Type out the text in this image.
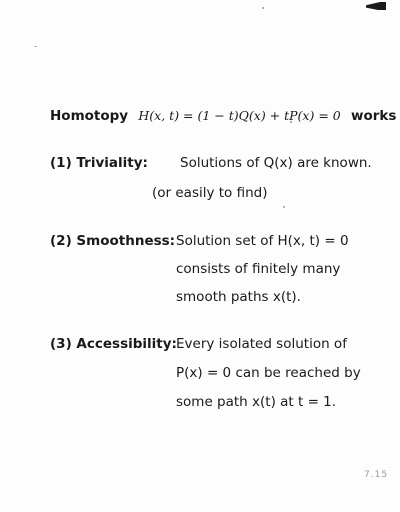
Homotopy H(x, t) = (1 − t)Q(x) + tP(x) = 0 works
(1) Triviality: Solutions of Q(x) are known.
(or easily to find)
(2) Smoothness: Solution set of H(x, t) = 0
consists of finitely many
smooth paths x(t).
(3) Accessibility: Every isolated solution of
P(x) = 0 can be reached by
some path x(t) at t = 1.
7.15
